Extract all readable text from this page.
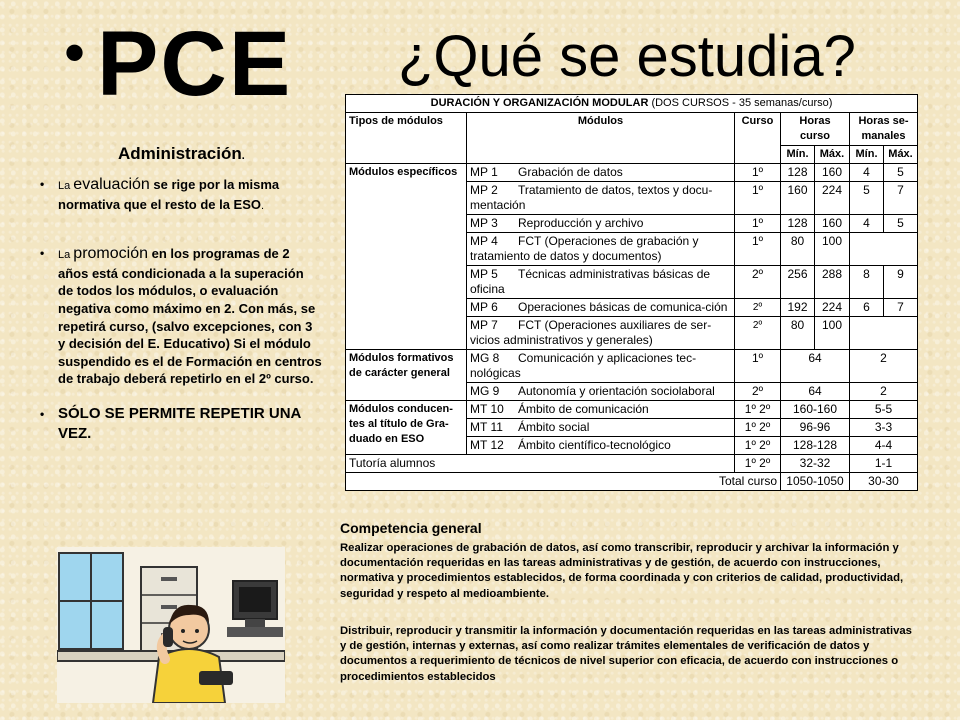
• PCE ¿Qué se estudia?
Administración.
• La evaluación se rige por la misma normativa que el resto de la ESO.
• La promoción en los programas de 2 años está condicionada a la superación de todos los módulos, o evaluación negativa como máximo en 2. Con más, se repetirá curso, (salvo excepciones, con 3 y decisión del E. Educativo) Si el módulo suspendido es el de Formación en centros de trabajo deberá repetirlo en el 2º curso.
• SÓLO SE PERMITE REPETIR UNA VEZ.
DURACIÓN Y ORGANIZACIÓN MODULAR (DOS CURSOS - 35 semanas/curso)						
Tipos de módulos	Módulos	Curso	Horas curso		Horas se-manales	
			Mín.	Máx.	Mín.	Máx.
Módulos específicos	MP 1 Grabación de datos	1º	128	160	4	5
	MP 2 Tratamiento de datos, textos y docu-mentación	1º	160	224	5	7
	MP 3 Reproducción y archivo	1º	128	160	4	5
	MP 4 FCT (Operaciones de grabación y tratamiento de datos y documentos)	1º	80	100		
	MP 5 Técnicas administrativas básicas de oficina	2º	256	288	8	9
	MP 6 Operaciones básicas de comunica-ción	2º	192	224	6	7
	MP 7 FCT (Operaciones auxiliares de ser-vicios administrativos y generales)	2º	80	100		
Módulos formativos de carácter general	MG 8 Comunicación y aplicaciones tec-nológicas	1º	64		2	
	MG 9 Autonomía y orientación sociolaboral	2º	64		2	
Módulos conducen-tes al título de Gra-duado en ESO	MT 10 Ámbito de comunicación	1º 2º	160-160		5-5	
	MT 11 Ámbito social	1º 2º	96-96		3-3	
	MT 12 Ámbito científico-tecnológico	1º 2º	128-128		4-4	
Tutoría alumnos		1º 2º	32-32		1-1	
Total curso			1050-1050		30-30	
Competencia general

Realizar operaciones de grabación de datos, así como transcribir, reproducir y archivar la información y documentación requeridas en las tareas administrativas y de gestión, de acuerdo con instrucciones, normativa y procedimientos establecidos, de forma coordinada y con criterios de calidad, productividad, seguridad y respeto al medioambiente.

Distribuir, reproducir y transmitir la información y documentación requeridas en las tareas administrativas y de gestión, internas y externas, así como realizar trámites elementales de verificación de datos y documentos a requerimiento de técnicos de nivel superior con eficacia, de acuerdo con instrucciones o procedimientos establecidos
